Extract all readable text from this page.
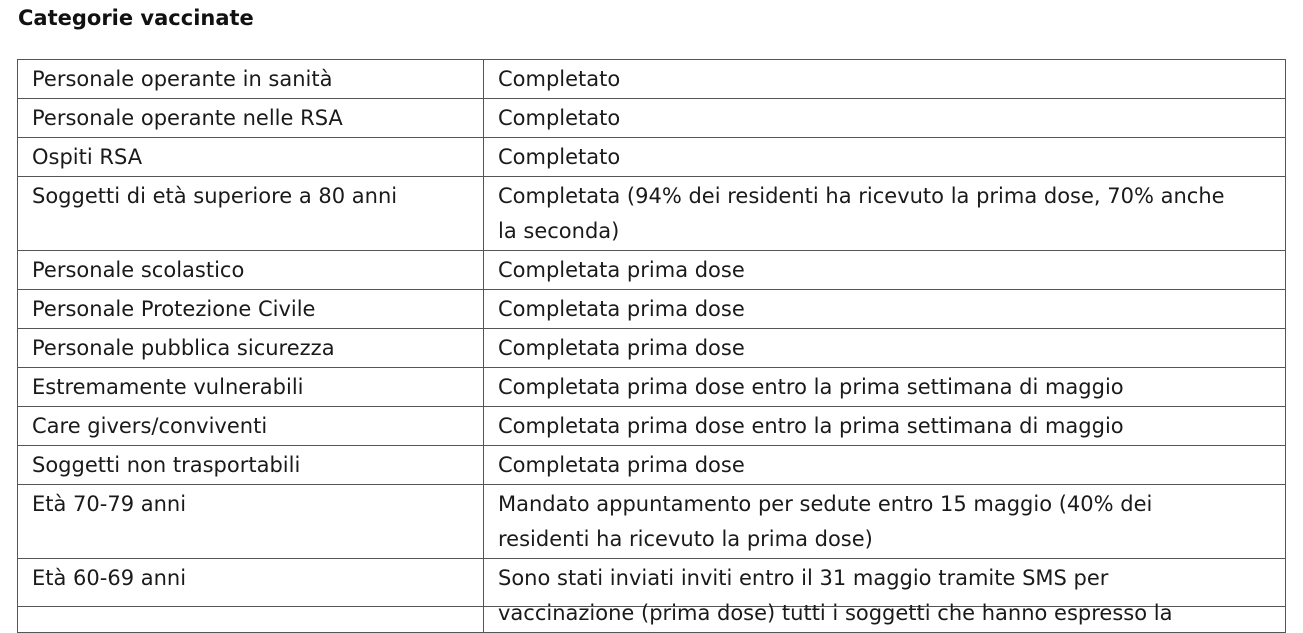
Categorie vaccinate
Personale operante in sanità	Completato
Personale operante nelle RSA	Completato
Ospiti RSA	Completato
Soggetti di età superiore a 80 anni	Completata (94% dei residenti ha ricevuto la prima dose, 70% anche la seconda)
Personale scolastico	Completata prima dose
Personale Protezione Civile	Completata prima dose
Personale pubblica sicurezza	Completata prima dose
Estremamente vulnerabili	Completata prima dose entro la prima settimana di maggio
Care givers/conviventi	Completata prima dose entro la prima settimana di maggio
Soggetti non trasportabili	Completata prima dose
Età 70-79 anni	Mandato appuntamento per sedute entro 15 maggio (40% dei residenti ha ricevuto la prima dose)
Età 60-69 anni	Sono stati inviati inviti entro il 31 maggio tramite SMS per vaccinazione (prima dose) tutti i soggetti che hanno espresso la
